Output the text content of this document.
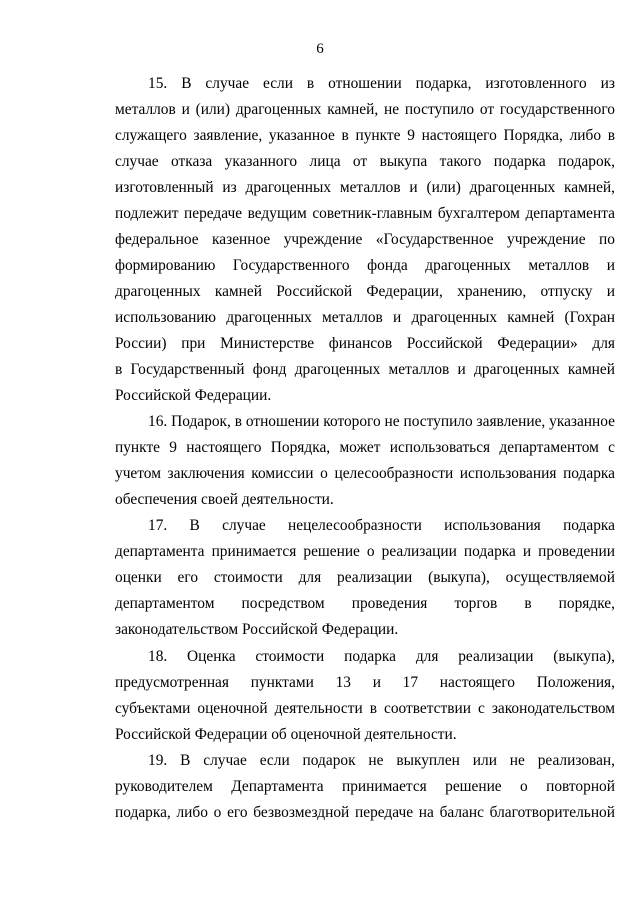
6
15. В случае если в отношении подарка, изготовленного из
металлов и (или) драгоценных камней, не поступило от государственного
служащего заявление, указанное в пункте 9 настоящего Порядка, либо в
случае отказа указанного лица от выкупа такого подарка подарок,
изготовленный из драгоценных металлов и (или) драгоценных камней,
подлежит передаче ведущим советник-главным бухгалтером департамента
федеральное казенное учреждение «Государственное учреждение по
формированию Государственного фонда драгоценных металлов и
драгоценных камней Российской Федерации, хранению, отпуску и
использованию драгоценных металлов и драгоценных камней (Гохран
России) при Министерстве финансов Российской Федерации» для
в Государственный фонд драгоценных металлов и драгоценных камней
Российской Федерации.
16. Подарок, в отношении которого не поступило заявление, указанное
пункте 9 настоящего Порядка, может использоваться департаментом с
учетом заключения комиссии о целесообразности использования подарка
обеспечения своей деятельности.
17. В случае нецелесообразности использования подарка
департамента принимается решение о реализации подарка и проведении
оценки его стоимости для реализации (выкупа), осуществляемой
департаментом посредством проведения торгов в порядке,
законодательством Российской Федерации.
18. Оценка стоимости подарка для реализации (выкупа),
предусмотренная пунктами 13 и 17 настоящего Положения,
субъектами оценочной деятельности в соответствии с законодательством
Российской Федерации об оценочной деятельности.
19. В случае если подарок не выкуплен или не реализован,
руководителем Департамента принимается решение о повторной
подарка, либо о его безвозмездной передаче на баланс благотворительной
